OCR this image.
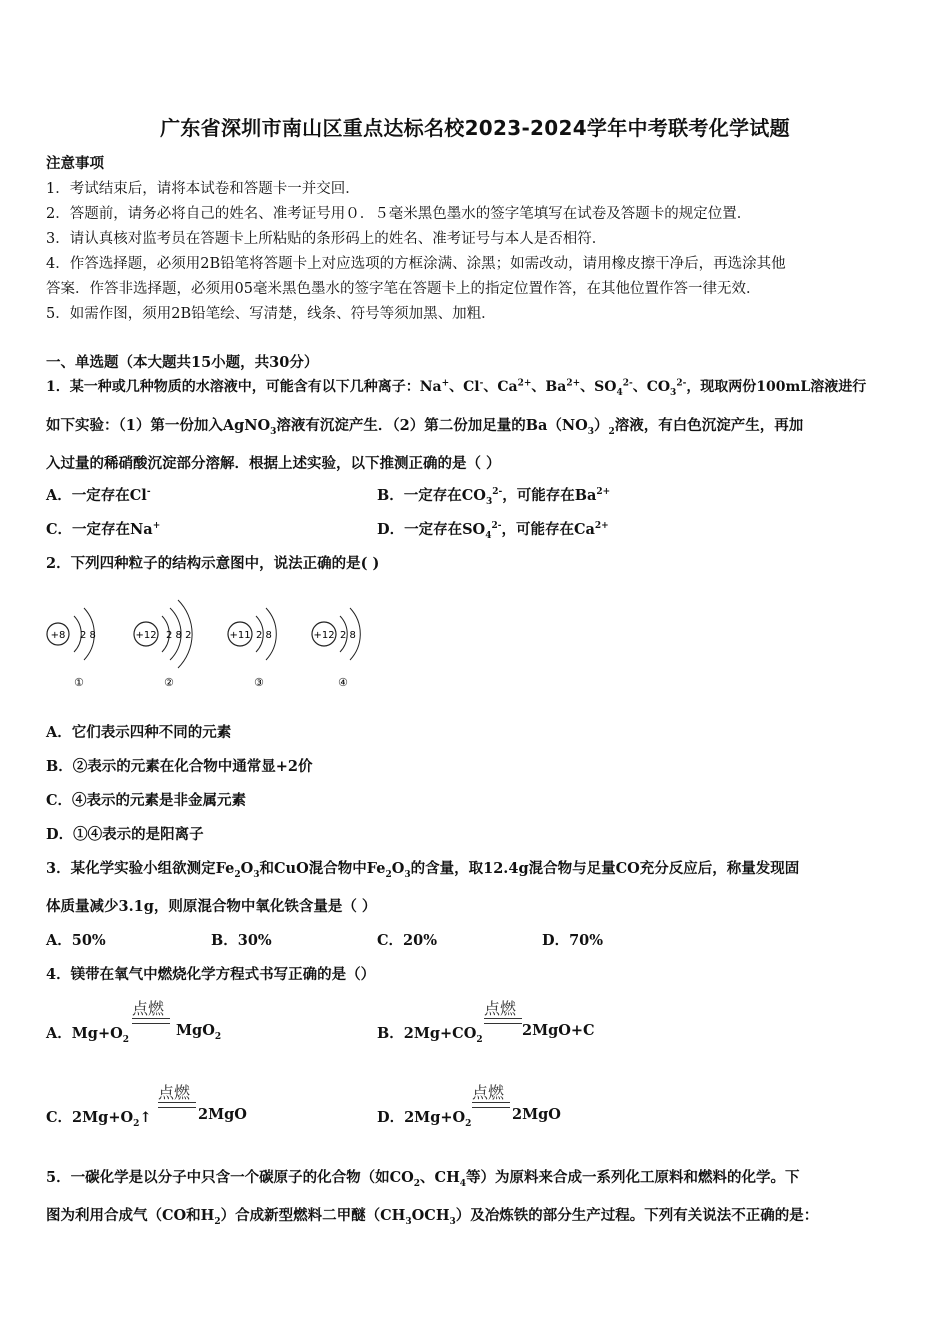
广东省深圳市南山区重点达标名校2023-2024学年中考联考化学试题
注意事项
1．考试结束后，请将本试卷和答题卡一并交回．
2．答题前，请务必将自己的姓名、准考证号用０．５毫米黑色墨水的签字笔填写在试卷及答题卡的规定位置．
3．请认真核对监考员在答题卡上所粘贴的条形码上的姓名、准考证号与本人是否相符．
4．作答选择题，必须用2B铅笔将答题卡上对应选项的方框涂满、涂黑；如需改动，请用橡皮擦干净后，再选涂其他
答案．作答非选择题，必须用05毫米黑色墨水的签字笔在答题卡上的指定位置作答，在其他位置作答一律无效．
5．如需作图，须用2B铅笔绘、写清楚，线条、符号等须加黑、加粗．
一、单选题（本大题共15小题，共30分）
1．某一种或几种物质的水溶液中，可能含有以下几种离子：Na+、Cl-、$Ca^{2+}$、$Ba^{2+}$、$SO_4^{2-}$、$CO_3^{2-}$，现取两份100mL溶液进行
如下实验：（1）第一份加入AgNO$_3$溶液有沉淀产生．（2）第二份加足量的$Ba(NO_3)_2$溶液，有白色沉淀产生，再加
入过量的稀硝酸沉淀部分溶解．根据上述实验，以下推测正确的是（ ）
A．一定存在Cl-	B．一定存在$CO_3^{2-}$，可能存在$Ba^{2+}$
C．一定存在Na+	D．一定存在$SO_4^{2-}$，可能存在$Ca^{2+}$
2．下列四种粒子的结构示意图中，说法正确的是( )
+8 2 8
①
+12 2 8 2
②
+11 2 8
③
+12 2 8
④
A．它们表示四种不同的元素
B．②表示的元素在化合物中通常显+2价
C．④表示的元素是非金属元素
D．①④表示的是阳离子
3．某化学实验小组欲测定$Fe_2O_3$和CuO混合物中$Fe_2O_3$的含量，取12.4g混合物与足量CO充分反应后，称量发现固
体质量减少3.1g，则原混合物中氧化铁含量是（ ）
A．50%	B．30%	C．20%	D．70%
4．镁带在氧气中燃烧化学方程式书写正确的是（）
A．$Mg+O_2$
点燃
MgO$_2$	B．$2Mg+CO_2$
点燃
2MgO+C
C．$2Mg+O_2↑$
点燃
2MgO	D．$2Mg+O_2$
点燃
2MgO
5．一碳化学是以分子中只含一个碳原子的化合物（如$CO_2$、$CH_4$等）为原料来合成一系列化工原料和燃料的化学。下
图为利用合成气（CO和$H_2$）合成新型燃料二甲醚$(CH_3OCH_3)$及冶炼铁的部分生产过程。下列有关说法不正确的是：
